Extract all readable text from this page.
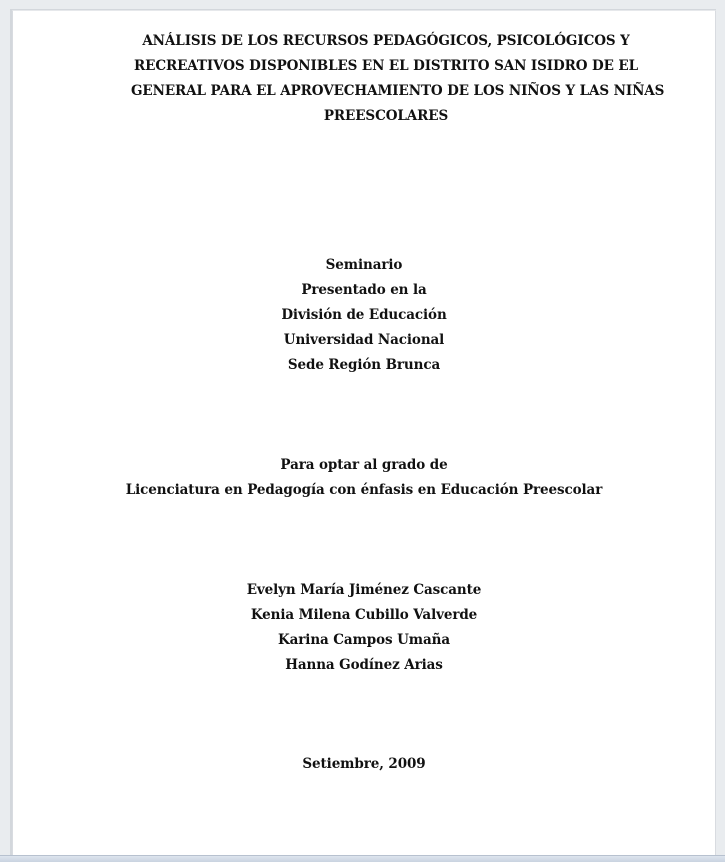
ANÁLISIS DE LOS RECURSOS PEDAGÓGICOS, PSICOLÓGICOS Y
RECREATIVOS DISPONIBLES EN EL DISTRITO SAN ISIDRO DE EL
GENERAL PARA EL APROVECHAMIENTO DE LOS NIÑOS Y LAS NIÑAS
PREESCOLARES
Seminario
Presentado en la
División de Educación
Universidad Nacional
Sede Región Brunca
Para optar al grado de
Licenciatura en Pedagogía con énfasis en Educación Preescolar
Evelyn María Jiménez Cascante
Kenia Milena Cubillo Valverde
Karina Campos Umaña
Hanna Godínez Arias
Setiembre, 2009
